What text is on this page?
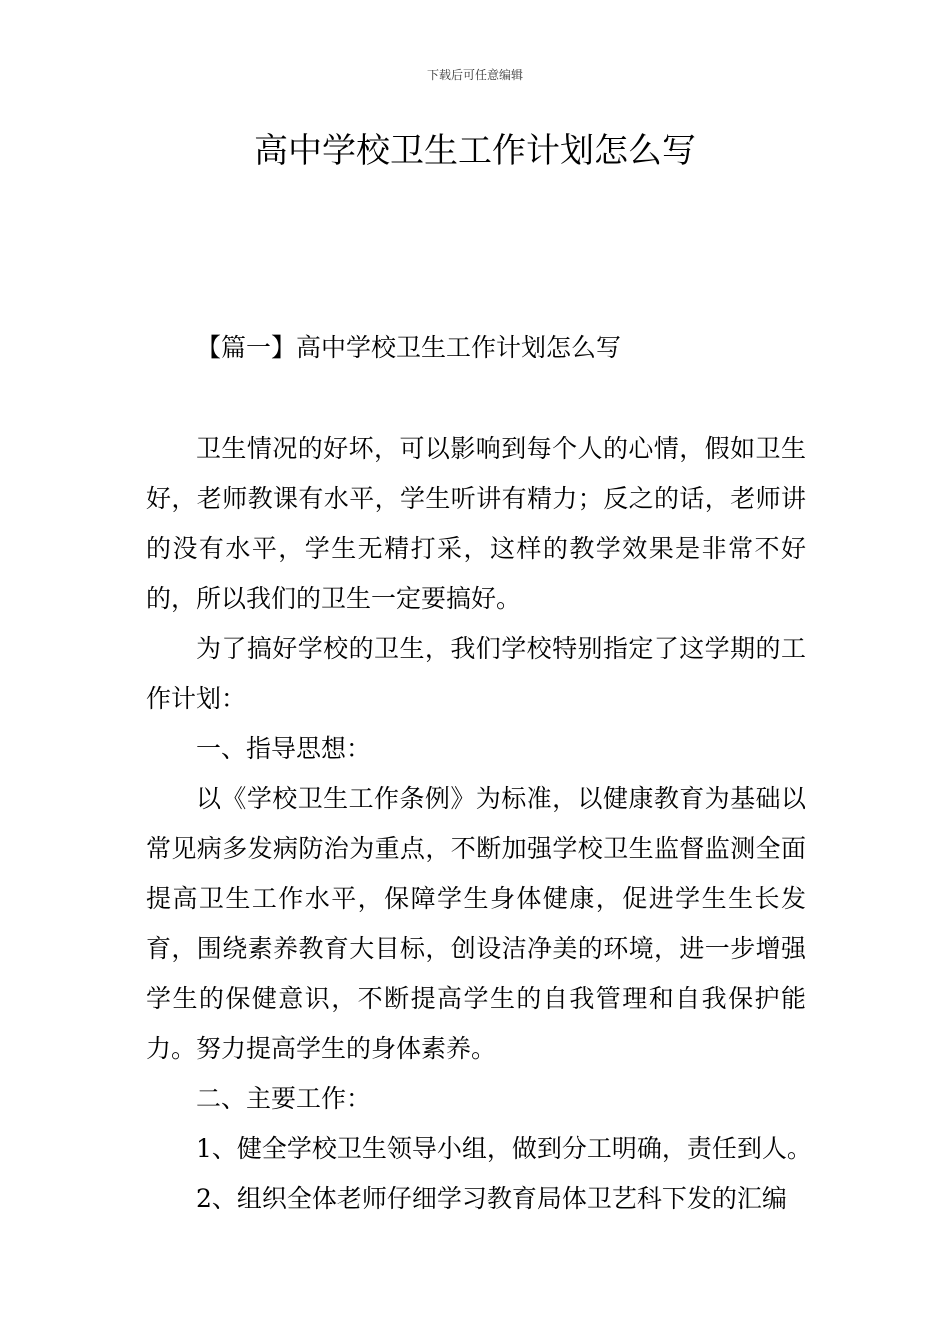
下载后可任意编辑
高中学校卫生工作计划怎么写
【篇一】高中学校卫生工作计划怎么写

卫生情况的好坏，可以影响到每个人的心情，假如卫生好，老师教课有水平，学生听讲有精力；反之的话，老师讲的没有水平，学生无精打采，这样的教学效果是非常不好的，所以我们的卫生一定要搞好。

为了搞好学校的卫生，我们学校特别指定了这学期的工作计划：

一、指导思想：

以《学校卫生工作条例》为标准，以健康教育为基础以常见病多发病防治为重点，不断加强学校卫生监督监测全面提高卫生工作水平，保障学生身体健康，促进学生生长发育，围绕素养教育大目标，创设洁净美的环境，进一步增强学生的保健意识，不断提高学生的自我管理和自我保护能力。努力提高学生的身体素养。

二、主要工作：

1、健全学校卫生领导小组，做到分工明确，责任到人。

2、组织全体老师仔细学习教育局体卫艺科下发的汇编
